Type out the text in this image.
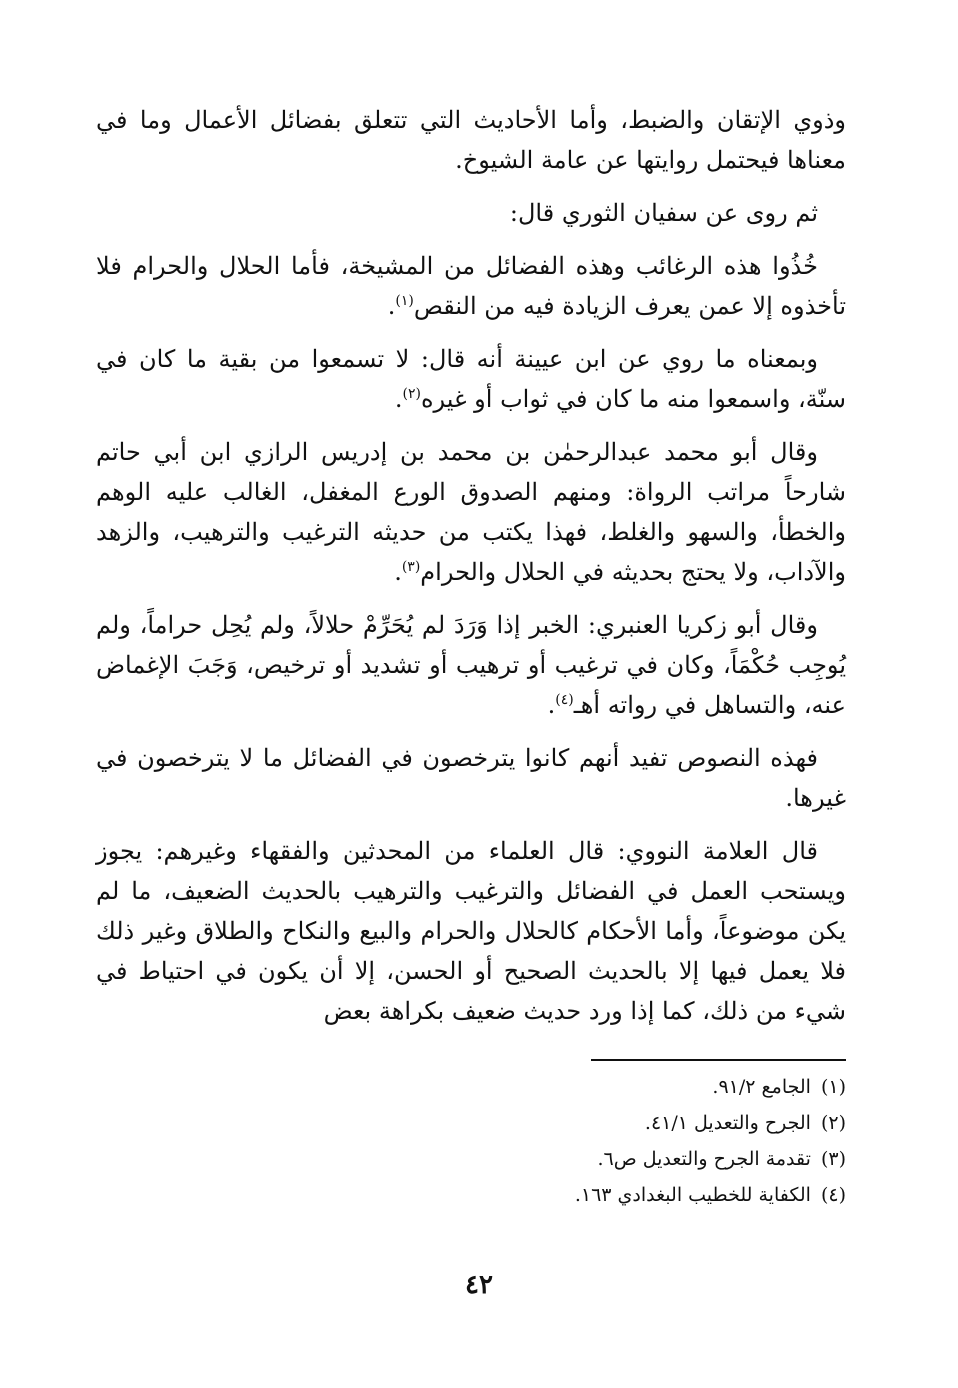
وذوي الإتقان والضبط، وأما الأحاديث التي تتعلق بفضائل الأعمال وما في معناها فيحتمل روايتها عن عامة الشيوخ.

ثم روى عن سفيان الثوري قال:

خُذُوا هذه الرغائب وهذه الفضائل من المشيخة، فأما الحلال والحرام فلا تأخذوه إلا عمن يعرف الزيادة فيه من النقص$^{(١)}$.

وبمعناه ما روي عن ابن عيينة أنه قال: لا تسمعوا من بقية ما كان في سنّة، واسمعوا منه ما كان في ثواب أو غيره$^{(٢)}$.

وقال أبو محمد عبدالرحمٰن بن محمد بن إدريس الرازي ابن أبي حاتم شارحاً مراتب الرواة: ومنهم الصدوق الورع المغفل، الغالب عليه الوهم والخطأ، والسهو والغلط، فهذا يكتب من حديثه الترغيب والترهيب، والزهد والآداب، ولا يحتج بحديثه في الحلال والحرام$^{(٣)}$.

وقال أبو زكريا العنبري: الخبر إذا وَرَدَ لم يُحَرِّمْ حلالاً، ولم يُحِل حراماً، ولم يُوجِب حُكْمَاً، وكان في ترغيب أو ترهيب أو تشديد أو ترخيص، وَجَبَ الإغماض عنه، والتساهل في رواته أهـ$^{(٤)}$.

فهذه النصوص تفيد أنهم كانوا يترخصون في الفضائل ما لا يترخصون في غيرها.

قال العلامة النووي: قال العلماء من المحدثين والفقهاء وغيرهم: يجوز ويستحب العمل في الفضائل والترغيب والترهيب بالحديث الضعيف، ما لم يكن موضوعاً، وأما الأحكام كالحلال والحرام والبيع والنكاح والطلاق وغير ذلك فلا يعمل فيها إلا بالحديث الصحيح أو الحسن، إلا أن يكون في احتياط في شيء من ذلك، كما إذا ورد حديث ضعيف بكراهة بعض

(١)الجامع ٩١/٢.

(٢)الجرح والتعديل ٤١/١.

(٣)تقدمة الجرح والتعديل ص٦.

(٤)الكفاية للخطيب البغدادي ١٦٣.

٤٢
